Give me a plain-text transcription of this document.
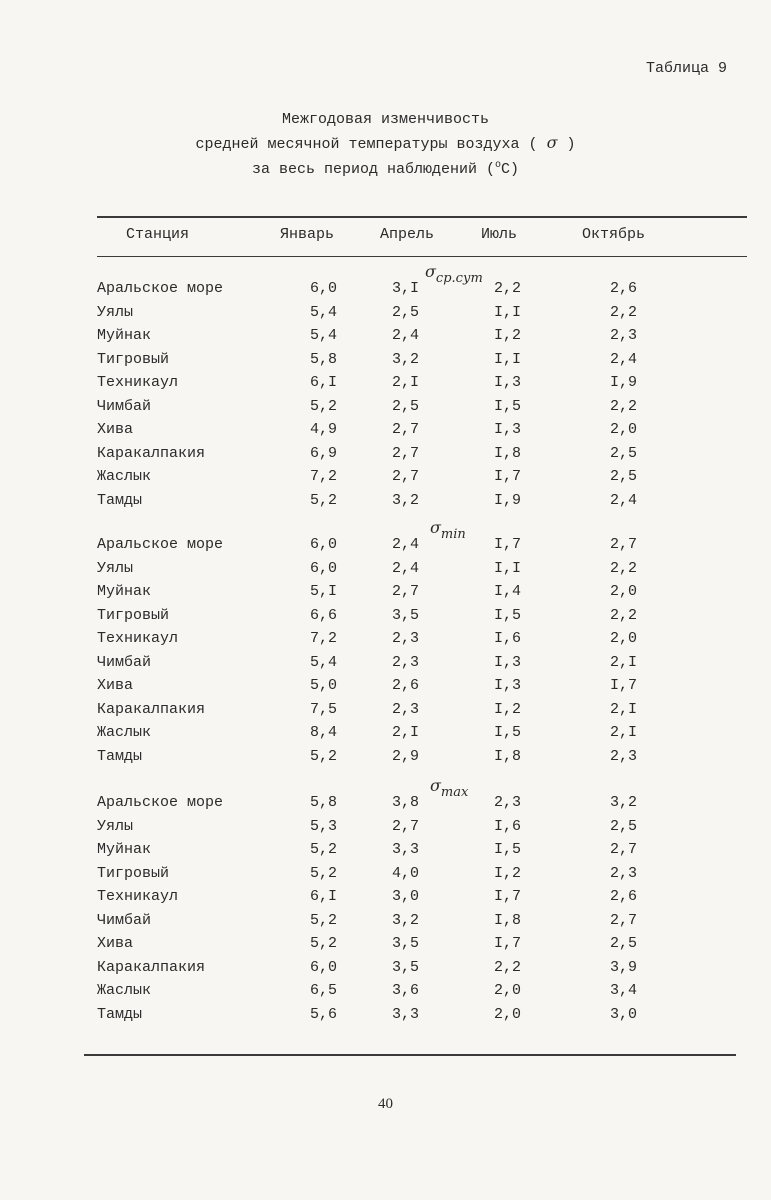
Таблица 9
Межгодовая изменчивость
средней месячной температуры воздуха ( σ )
за весь период наблюдений ($^о$С)
Станция	Январь	Апрель	Июль	Октябрь
σср.сут
Аральское море	6,0	3,I	2,2	2,6
Уялы	5,4	2,5	I,I	2,2
Муйнак	5,4	2,4	I,2	2,3
Тигровый	5,8	3,2	I,I	2,4
Техникаул	6,I	2,I	I,3	I,9
Чимбай	5,2	2,5	I,5	2,2
Хива	4,9	2,7	I,3	2,0
Каракалпакия	6,9	2,7	I,8	2,5
Жаслык	7,2	2,7	I,7	2,5
Тамды	5,2	3,2	I,9	2,4
σmin
Аральское море	6,0	2,4	I,7	2,7
Уялы	6,0	2,4	I,I	2,2
Муйнак	5,I	2,7	I,4	2,0
Тигровый	6,6	3,5	I,5	2,2
Техникаул	7,2	2,3	I,6	2,0
Чимбай	5,4	2,3	I,3	2,I
Хива	5,0	2,6	I,3	I,7
Каракалпакия	7,5	2,3	I,2	2,I
Жаслык	8,4	2,I	I,5	2,I
Тамды	5,2	2,9	I,8	2,3
σmax
Аральское море	5,8	3,8	2,3	3,2
Уялы	5,3	2,7	I,6	2,5
Муйнак	5,2	3,3	I,5	2,7
Тигровый	5,2	4,0	I,2	2,3
Техникаул	6,I	3,0	I,7	2,6
Чимбай	5,2	3,2	I,8	2,7
Хива	5,2	3,5	I,7	2,5
Каракалпакия	6,0	3,5	2,2	3,9
Жаслык	6,5	3,6	2,0	3,4
Тамды	5,6	3,3	2,0	3,0
40
